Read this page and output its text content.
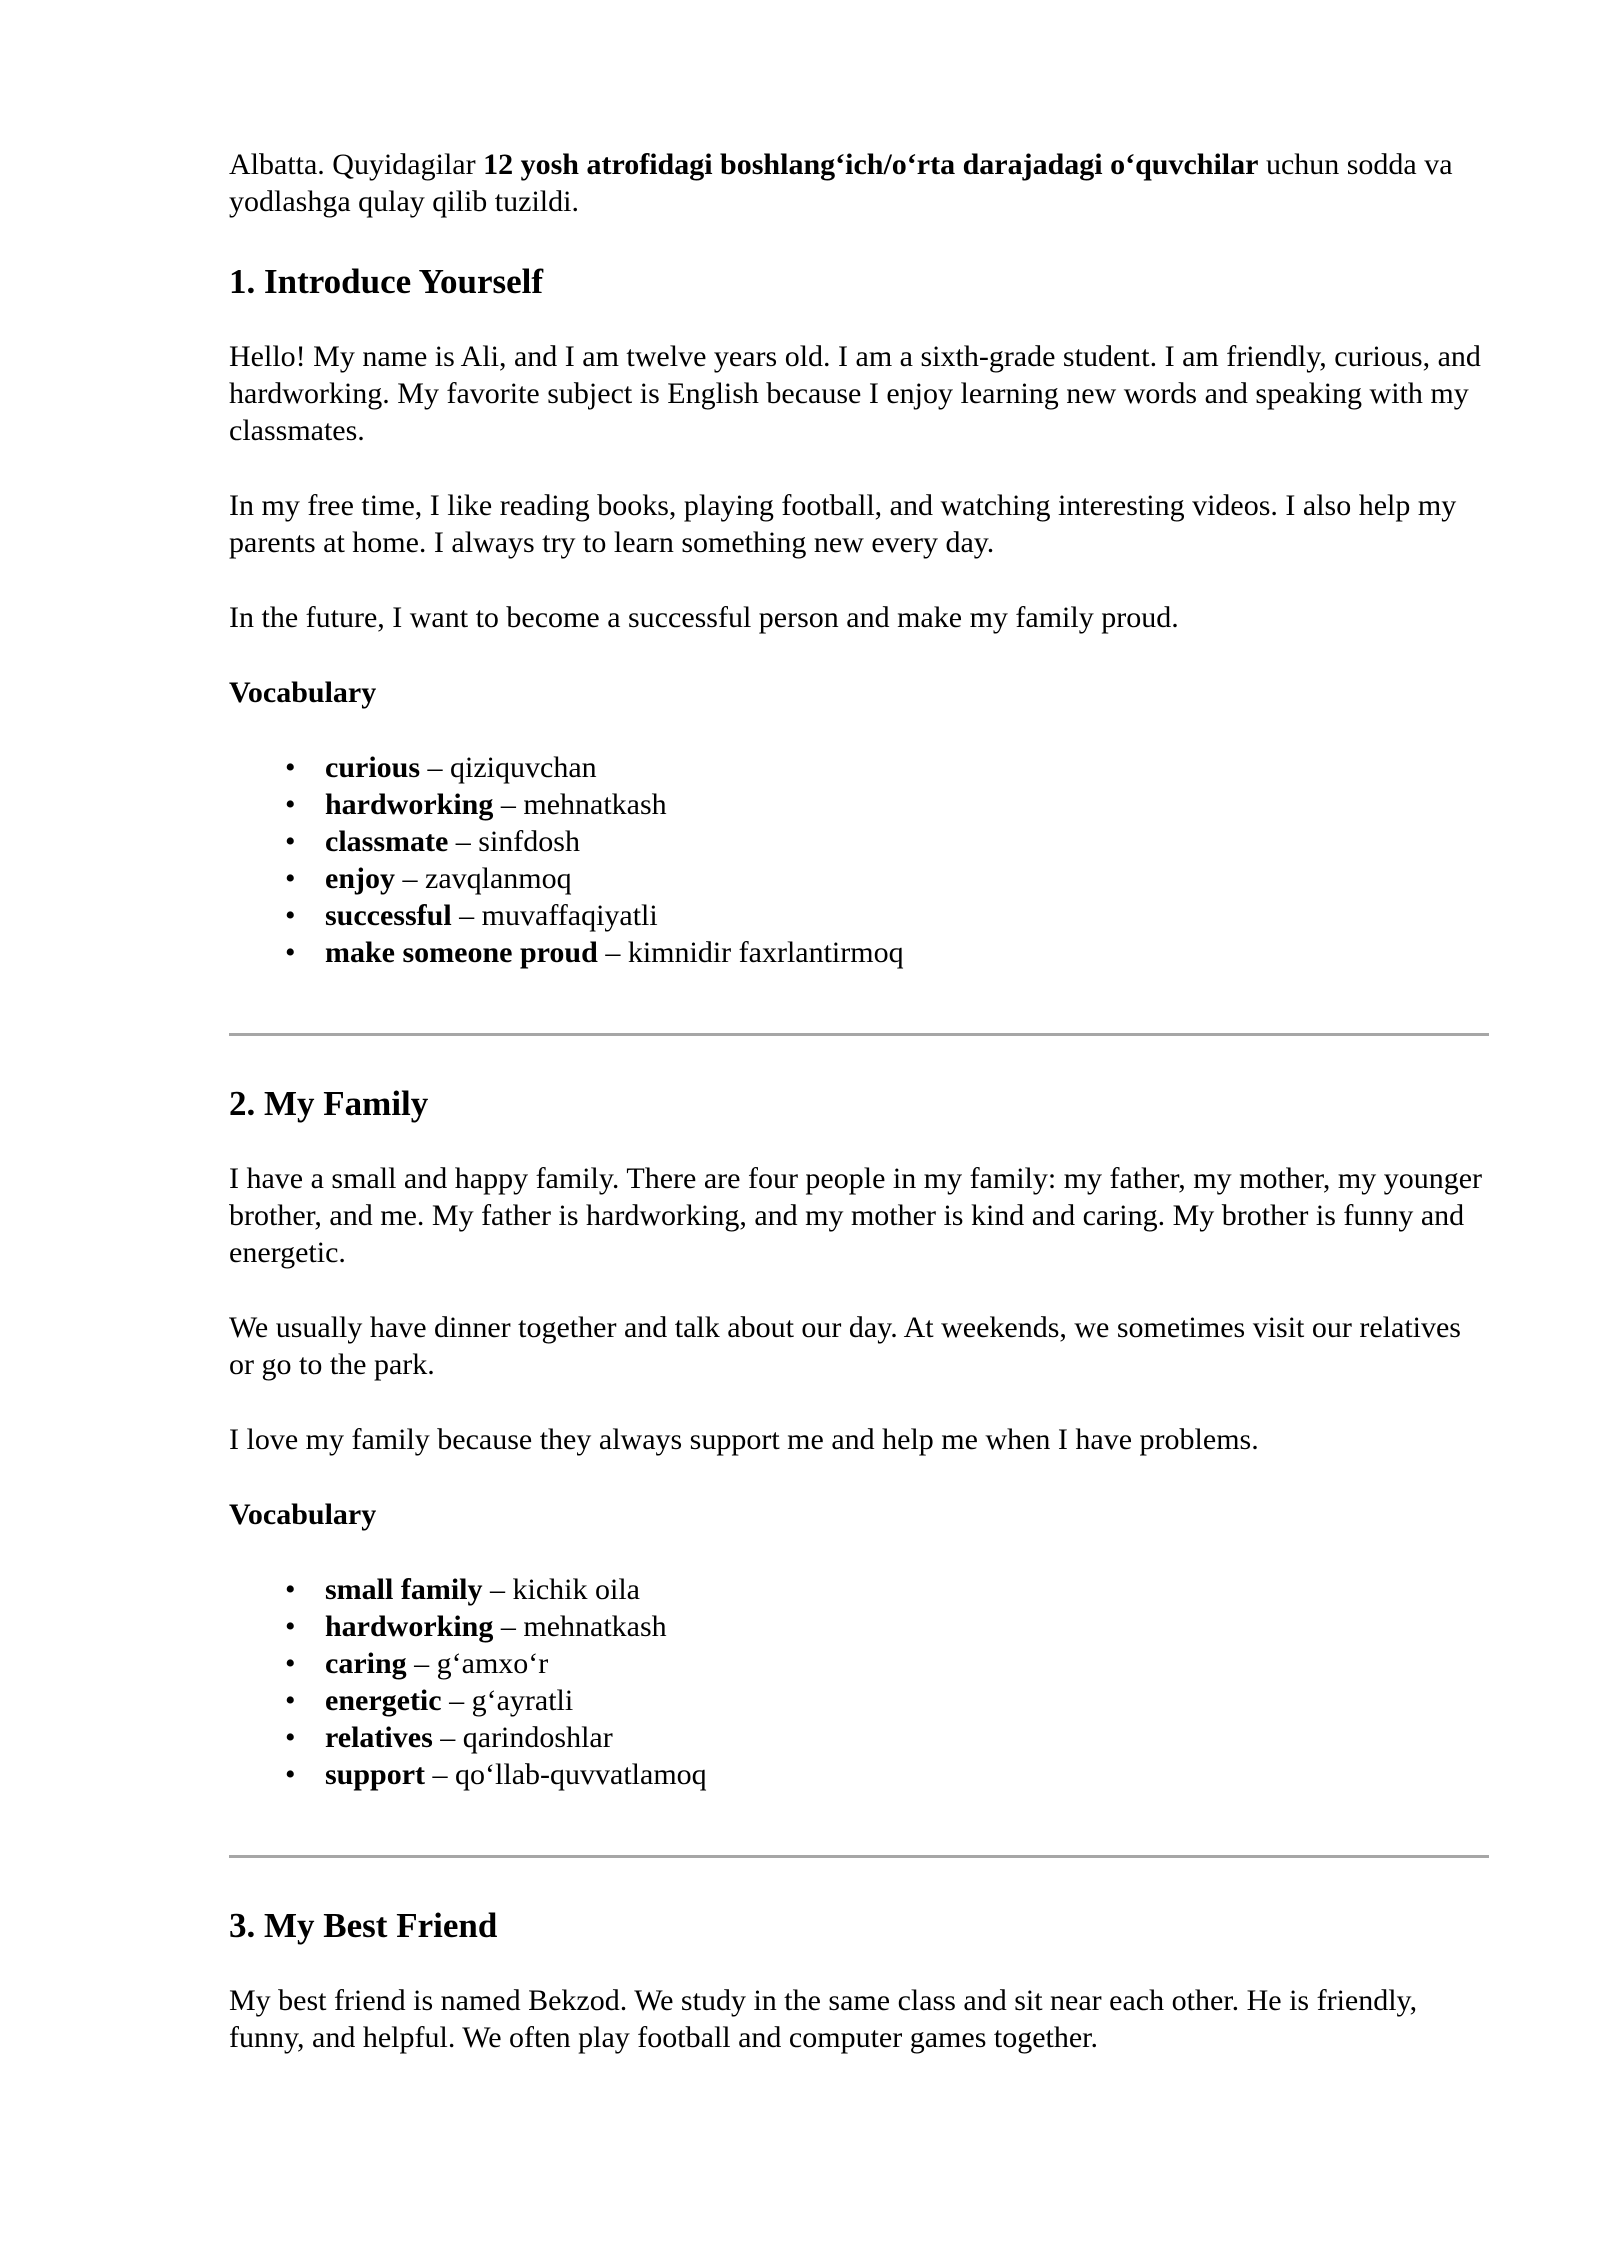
Albatta. Quyidagilar 12 yosh atrofidagi boshlang‘ich/o‘rta darajadagi o‘quvchilar uchun sodda va yodlashga qulay qilib tuzildi.

1. Introduce Yourself

Hello! My name is Ali, and I am twelve years old. I am a sixth-grade student. I am friendly, curious, and hardworking. My favorite subject is English because I enjoy learning new words and speaking with my classmates.

In my free time, I like reading books, playing football, and watching interesting videos. I also help my parents at home. I always try to learn something new every day.

In the future, I want to become a successful person and make my family proud.

Vocabulary

• curious – qiziquvchan
• hardworking – mehnatkash
• classmate – sinfdosh
• enjoy – zavqlanmoq
• successful – muvaffaqiyatli
• make someone proud – kimnidir faxrlantirmoq
2. My Family

I have a small and happy family. There are four people in my family: my father, my mother, my younger brother, and me. My father is hardworking, and my mother is kind and caring. My brother is funny and energetic.

We usually have dinner together and talk about our day. At weekends, we sometimes visit our relatives or go to the park.

I love my family because they always support me and help me when I have problems.

Vocabulary

• small family – kichik oila
• hardworking – mehnatkash
• caring – g‘amxo‘r
• energetic – g‘ayratli
• relatives – qarindoshlar
• support – qo‘llab-quvvatlamoq
3. My Best Friend

My best friend is named Bekzod. We study in the same class and sit near each other. He is friendly, funny, and helpful. We often play football and computer games together.
